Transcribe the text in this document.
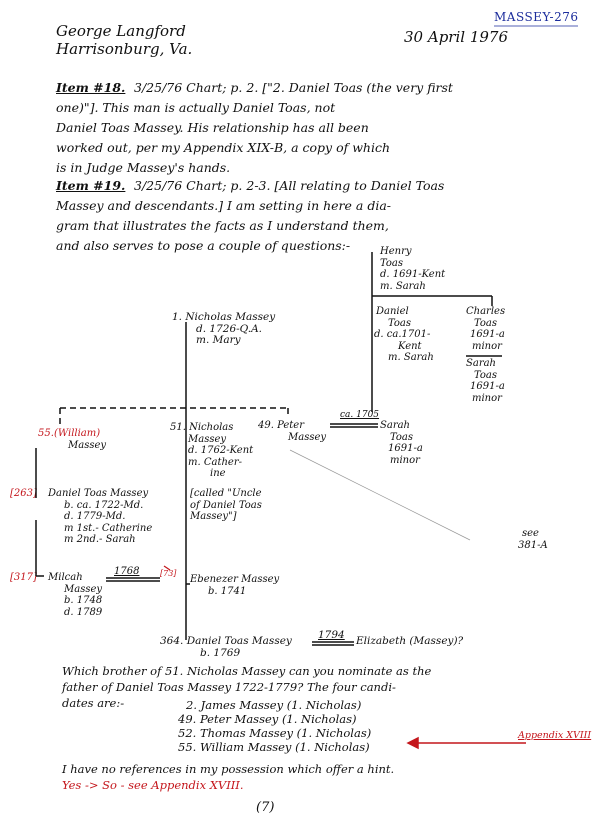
MASSEY-276
George Langford
Harrisonburg, Va.
30 April 1976
Item #18. 3/25/76 Chart; p. 2. ["2. Daniel Toas (the very first
one)"]. This man is actually Daniel Toas, not
Daniel Toas Massey. His relationship has all been
worked out, per my Appendix XIX-B, a copy of which
is in Judge Massey's hands.
Item #19. 3/25/76 Chart; p. 2-3. [All relating to Daniel Toas
Massey and descendants.] I am setting in here a dia-
gram that illustrates the facts as I understand them,
and also serves to pose a couple of questions:-	Henry
Toas
d. 1691-Kent
m. Sarah
1. Nicholas Massey
d. 1726-Q.A.
m. Mary
Daniel
Toas
d. ca.1701-
Kent
m. Sarah
Charles
Toas
1691-a
minor
Sarah
Toas
1691-a
minor
55. (William)
Massey
51. Nicholas
Massey
d. 1762-Kent
m. Cather-
ine
49. Peter
Massey
ca. 1705
Sarah
Toas
1691-a
minor
[263] Daniel Toas Massey
b. ca. 1722-Md.
d. 1779-Md.
m 1st.- Catherine
m 2nd.- Sarah
[called "Uncle
of Daniel Toas
Massey"]
see
381-A
[317] Milcah
Massey
b. 1748
d. 1789
1768	[73]
Ebenezer Massey
b. 1741
364. Daniel Toas Massey
b. 1769
1794 Elizabeth (Massey)?
Which brother of 51. Nicholas Massey can you nominate as the
father of Daniel Toas Massey 1722-1779? The four candi-
dates are:-	2. James Massey (1. Nicholas)
49. Peter Massey (1. Nicholas)
52. Thomas Massey (1. Nicholas)
55. William Massey (1. Nicholas)
Appendix XVIII
I have no references in my possession which offer a hint.
Yes -> So - see Appendix XVIII.
(7)
